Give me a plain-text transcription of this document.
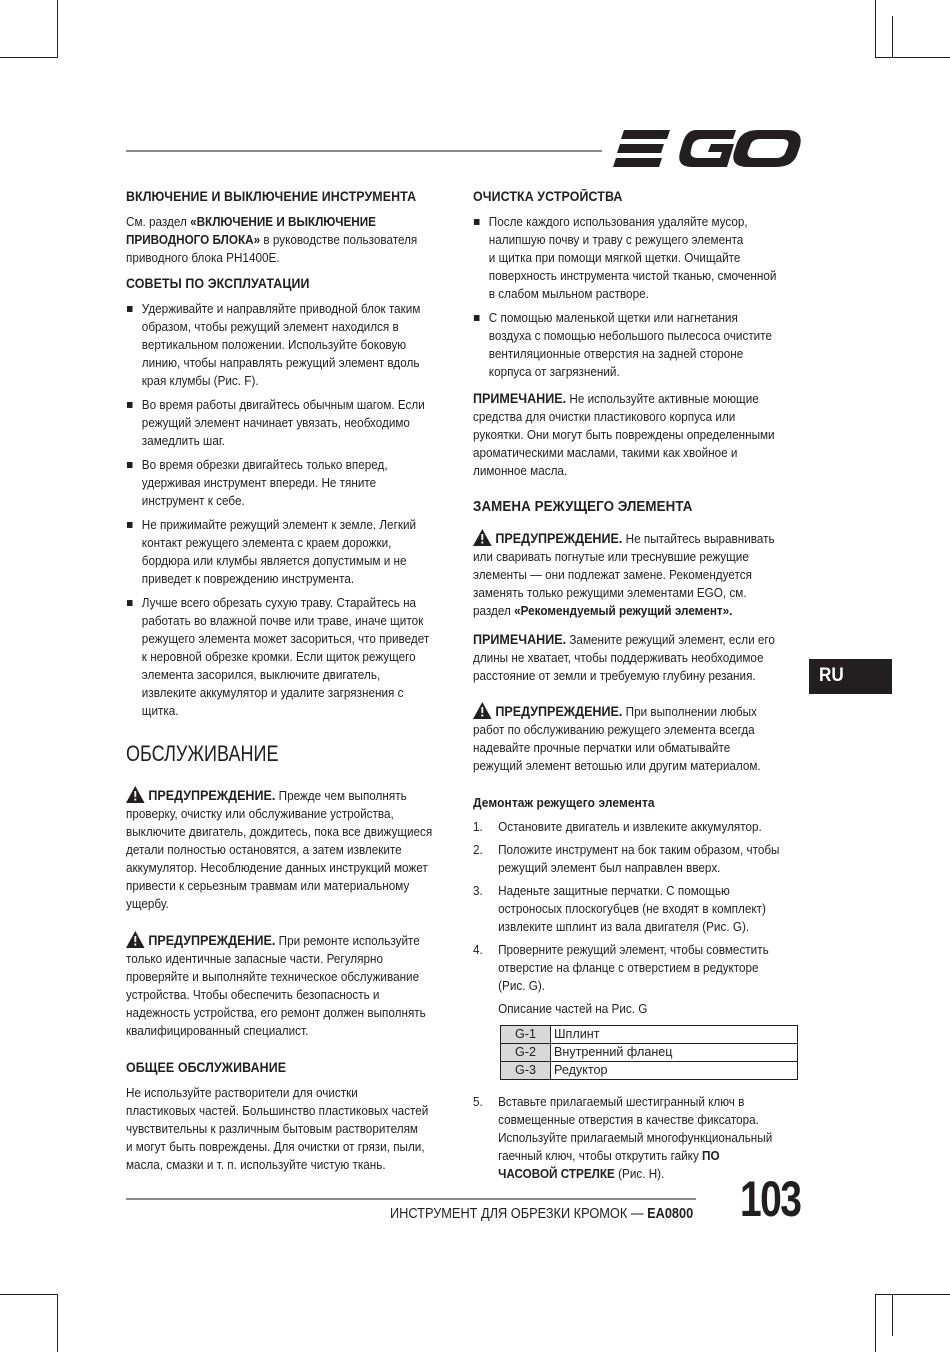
EGO
RU

ВКЛЮЧЕНИЕ И ВЫКЛЮЧЕНИЕ ИНСТРУМЕНТА

См. раздел «ВКЛЮЧЕНИЕ И ВЫКЛЮЧЕНИЕ
ПРИВОДНОГО БЛОКА» в руководстве пользователя
приводного блока PH1400E.

СОВЕТЫ ПО ЭКСПЛУАТАЦИИ

Удерживайте и направляйте приводной блок таким
образом, чтобы режущий элемент находился в
вертикальном положении. Используйте боковую
линию, чтобы направлять режущий элемент вдоль
края клумбы (Рис. F).
Во время работы двигайтесь обычным шагом. Если
режущий элемент начинает увязать, необходимо
замедлить шаг.
Во время обрезки двигайтесь только вперед,
удерживая инструмент впереди. Не тяните
инструмент к себе.
Не прижимайте режущий элемент к земле. Легкий
контакт режущего элемента с краем дорожки,
бордюра или клумбы является допустимым и не
приведет к повреждению инструмента.
Лучше всего обрезать сухую траву. Старайтесь на
работать во влажной почве или траве, иначе щиток
режущего элемента может засориться, что приведет
к неровной обрезке кромки. Если щиток режущего
элемента засорился, выключите двигатель,
извлеките аккумулятор и удалите загрязнения с
щитка.

ОБСЛУЖИВАНИЕ

ПРЕДУПРЕЖДЕНИЕ. Прежде чем выполнять
проверку, очистку или обслуживание устройства,
выключите двигатель, дождитесь, пока все движущиеся
детали полностью остановятся, а затем извлеките
аккумулятор. Несоблюдение данных инструкций может
привести к серьезным травмам или материальному
ущербу.
ПРЕДУПРЕЖДЕНИЕ. При ремонте используйте
только идентичные запасные части. Регулярно
проверяйте и выполняйте техническое обслуживание
устройства. Чтобы обеспечить безопасность и
надежность устройства, его ремонт должен выполнять
квалифицированный специалист.

ОБЩЕЕ ОБСЛУЖИВАНИЕ

Не используйте растворители для очистки
пластиковых частей. Большинство пластиковых частей
чувствительны к различным бытовым растворителям
и могут быть повреждены. Для очистки от грязи, пыли,
масла, смазки и т. п. используйте чистую ткань.

ОЧИСТКА УСТРОЙСТВА

После каждого использования удаляйте мусор,
налипшую почву и траву с режущего элемента
и щитка при помощи мягкой щетки. Очищайте
поверхность инструмента чистой тканью, смоченной
в слабом мыльном растворе.
С помощью маленькой щетки или нагнетания
воздуха с помощью небольшого пылесоса очистите
вентиляционные отверстия на задней стороне
корпуса от загрязнений.
ПРИМЕЧАНИЕ. Не используйте активные моющие
средства для очистки пластикового корпуса или
рукоятки. Они могут быть повреждены определенными
ароматическими маслами, такими как хвойное и
лимонное масла.

ЗАМЕНА РЕЖУЩЕГО ЭЛЕМЕНТА

ПРЕДУПРЕЖДЕНИЕ. Не пытайтесь выравнивать
или сваривать погнутые или треснувшие режущие
элементы — они подлежат замене. Рекомендуется
заменять только режущими элементами EGO, см.
раздел «Рекомендуемый режущий элемент».
ПРИМЕЧАНИЕ. Замените режущий элемент, если его
длины не хватает, чтобы поддерживать необходимое
расстояние от земли и требуемую глубину резания.
ПРЕДУПРЕЖДЕНИЕ. При выполнении любых
работ по обслуживанию режущего элемента всегда
надевайте прочные перчатки или обматывайте
режущий элемент ветошью или другим материалом.

Демонтаж режущего элемента

1. Остановите двигатель и извлеките аккумулятор.
2. Положите инструмент на бок таким образом, чтобы
режущий элемент был направлен вверх.
3. Наденьте защитные перчатки. С помощью
остроносых плоскогубцев (не входят в комплект)
извлеките шплинт из вала двигателя (Рис. G).
4. Проверните режущий элемент, чтобы совместить
отверстие на фланце с отверстием в редукторе
(Рис. G).
Описание частей на Рис. G
G-1	Шплинт
G-2	Внутренний фланец
G-3	Редуктор
5. Вставьте прилагаемый шестигранный ключ в
совмещенные отверстия в качестве фиксатора.
Используйте прилагаемый многофункциональный
гаечный ключ, чтобы открутить гайку ПО
ЧАСОВОЙ СТРЕЛКЕ (Рис. H).
ИНСТРУМЕНТ ДЛЯ ОБРЕЗКИ КРОМОК — EA0800 103
